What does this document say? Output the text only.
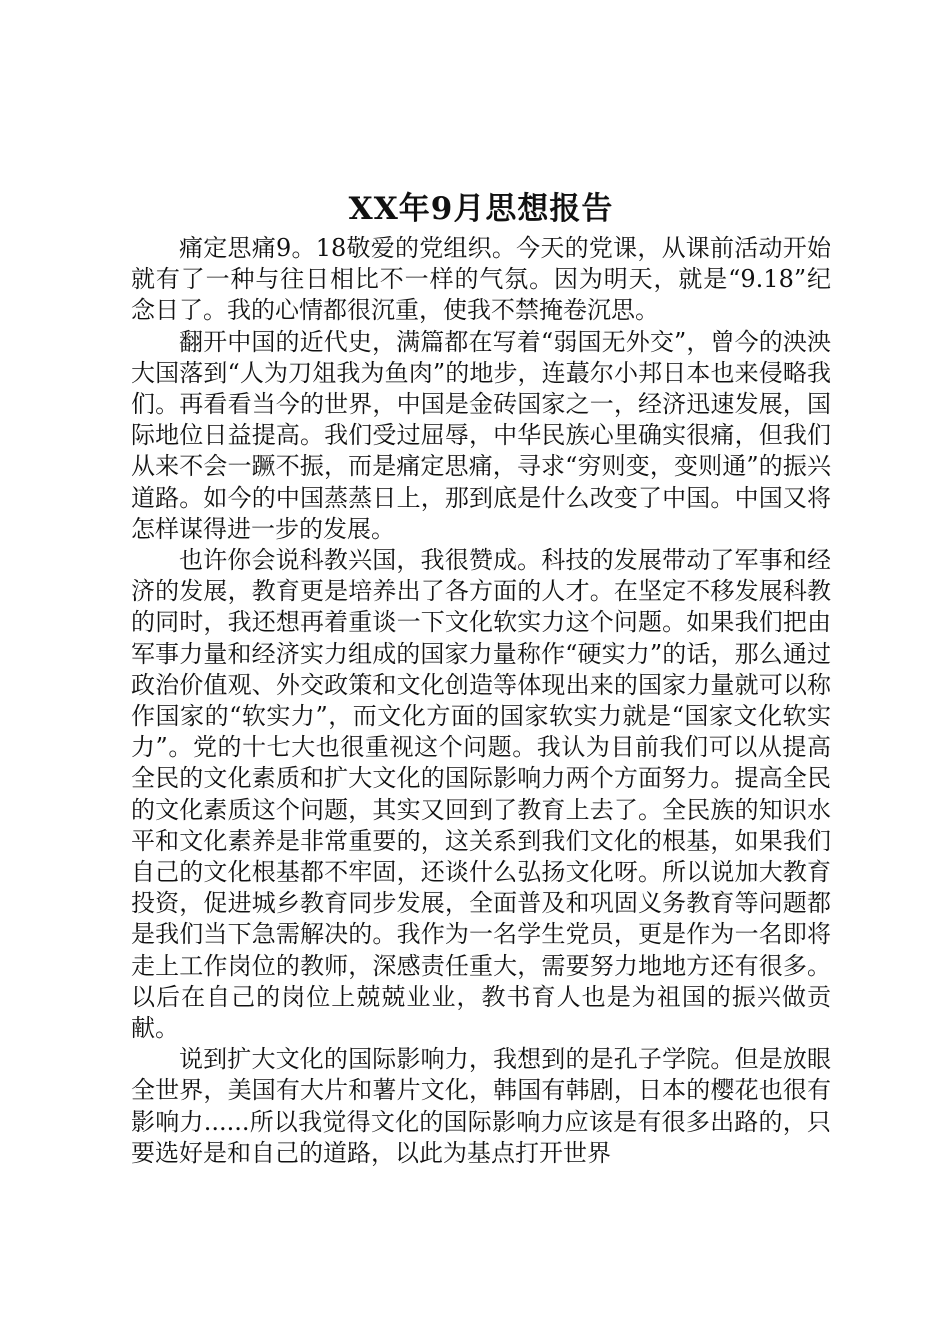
XX年9月思想报告

痛定思痛9。18敬爱的党组织。今天的党课，从课前活动开始就有了一种与往日相比不一样的气氛。因为明天，就是“9.18”纪念日了。我的心情都很沉重，使我不禁掩卷沉思。

翻开中国的近代史，满篇都在写着“弱国无外交”，曾今的泱泱大国落到“人为刀俎我为鱼肉”的地步，连蕞尔小邦日本也来侵略我们。再看看当今的世界，中国是金砖国家之一，经济迅速发展，国际地位日益提高。我们受过屈辱，中华民族心里确实很痛，但我们从来不会一蹶不振，而是痛定思痛，寻求“穷则变，变则通”的振兴道路。如今的中国蒸蒸日上，那到底是什么改变了中国。中国又将怎样谋得进一步的发展。

也许你会说科教兴国，我很赞成。科技的发展带动了军事和经济的发展，教育更是培养出了各方面的人才。在坚定不移发展科教的同时，我还想再着重谈一下文化软实力这个问题。如果我们把由军事力量和经济实力组成的国家力量称作“硬实力”的话，那么通过政治价值观、外交政策和文化创造等体现出来的国家力量就可以称作国家的“软实力”，而文化方面的国家软实力就是“国家文化软实力”。党的十七大也很重视这个问题。我认为目前我们可以从提高全民的文化素质和扩大文化的国际影响力两个方面努力。提高全民的文化素质这个问题，其实又回到了教育上去了。全民族的知识水平和文化素养是非常重要的，这关系到我们文化的根基，如果我们自己的文化根基都不牢固，还谈什么弘扬文化呀。所以说加大教育投资，促进城乡教育同步发展，全面普及和巩固义务教育等问题都是我们当下急需解决的。我作为一名学生党员，更是作为一名即将走上工作岗位的教师，深感责任重大，需要努力地地方还有很多。以后在自己的岗位上兢兢业业，教书育人也是为祖国的振兴做贡献。

说到扩大文化的国际影响力，我想到的是孔子学院。但是放眼全世界，美国有大片和薯片文化，韩国有韩剧，日本的樱花也很有影响力......所以我觉得文化的国际影响力应该是有很多出路的，只要选好是和自己的道路，以此为基点打开世界
